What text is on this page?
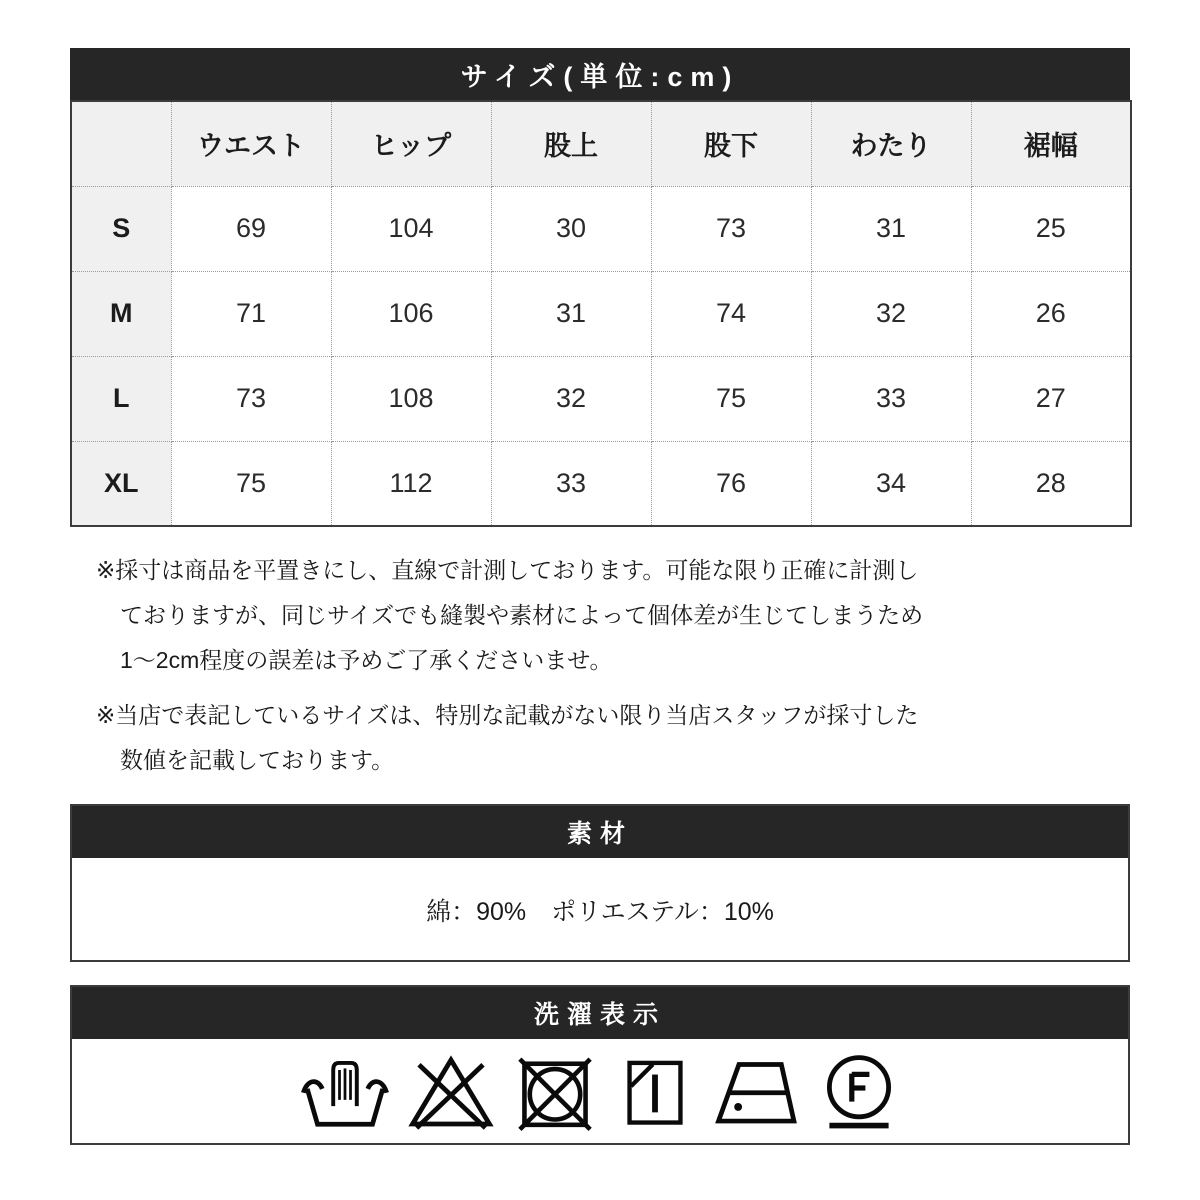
サイズ(単位:cm)
	ウエスト	ヒップ	股上	股下	わたり	裾幅
S	69	104	30	73	31	25
M	71	106	31	74	32	26
L	73	108	32	75	33	27
XL	75	112	33	76	34	28
※採寸は商品を平置きにし、直線で計測しております。可能な限り正確に計測し
ておりますが、同じサイズでも縫製や素材によって個体差が生じてしまうため
1〜2cm程度の誤差は予めご了承くださいませ。
※当店で表記しているサイズは、特別な記載がない限り当店スタッフが採寸した
数値を記載しております。
素材
綿：90%　ポリエステル：10%
洗濯表示
